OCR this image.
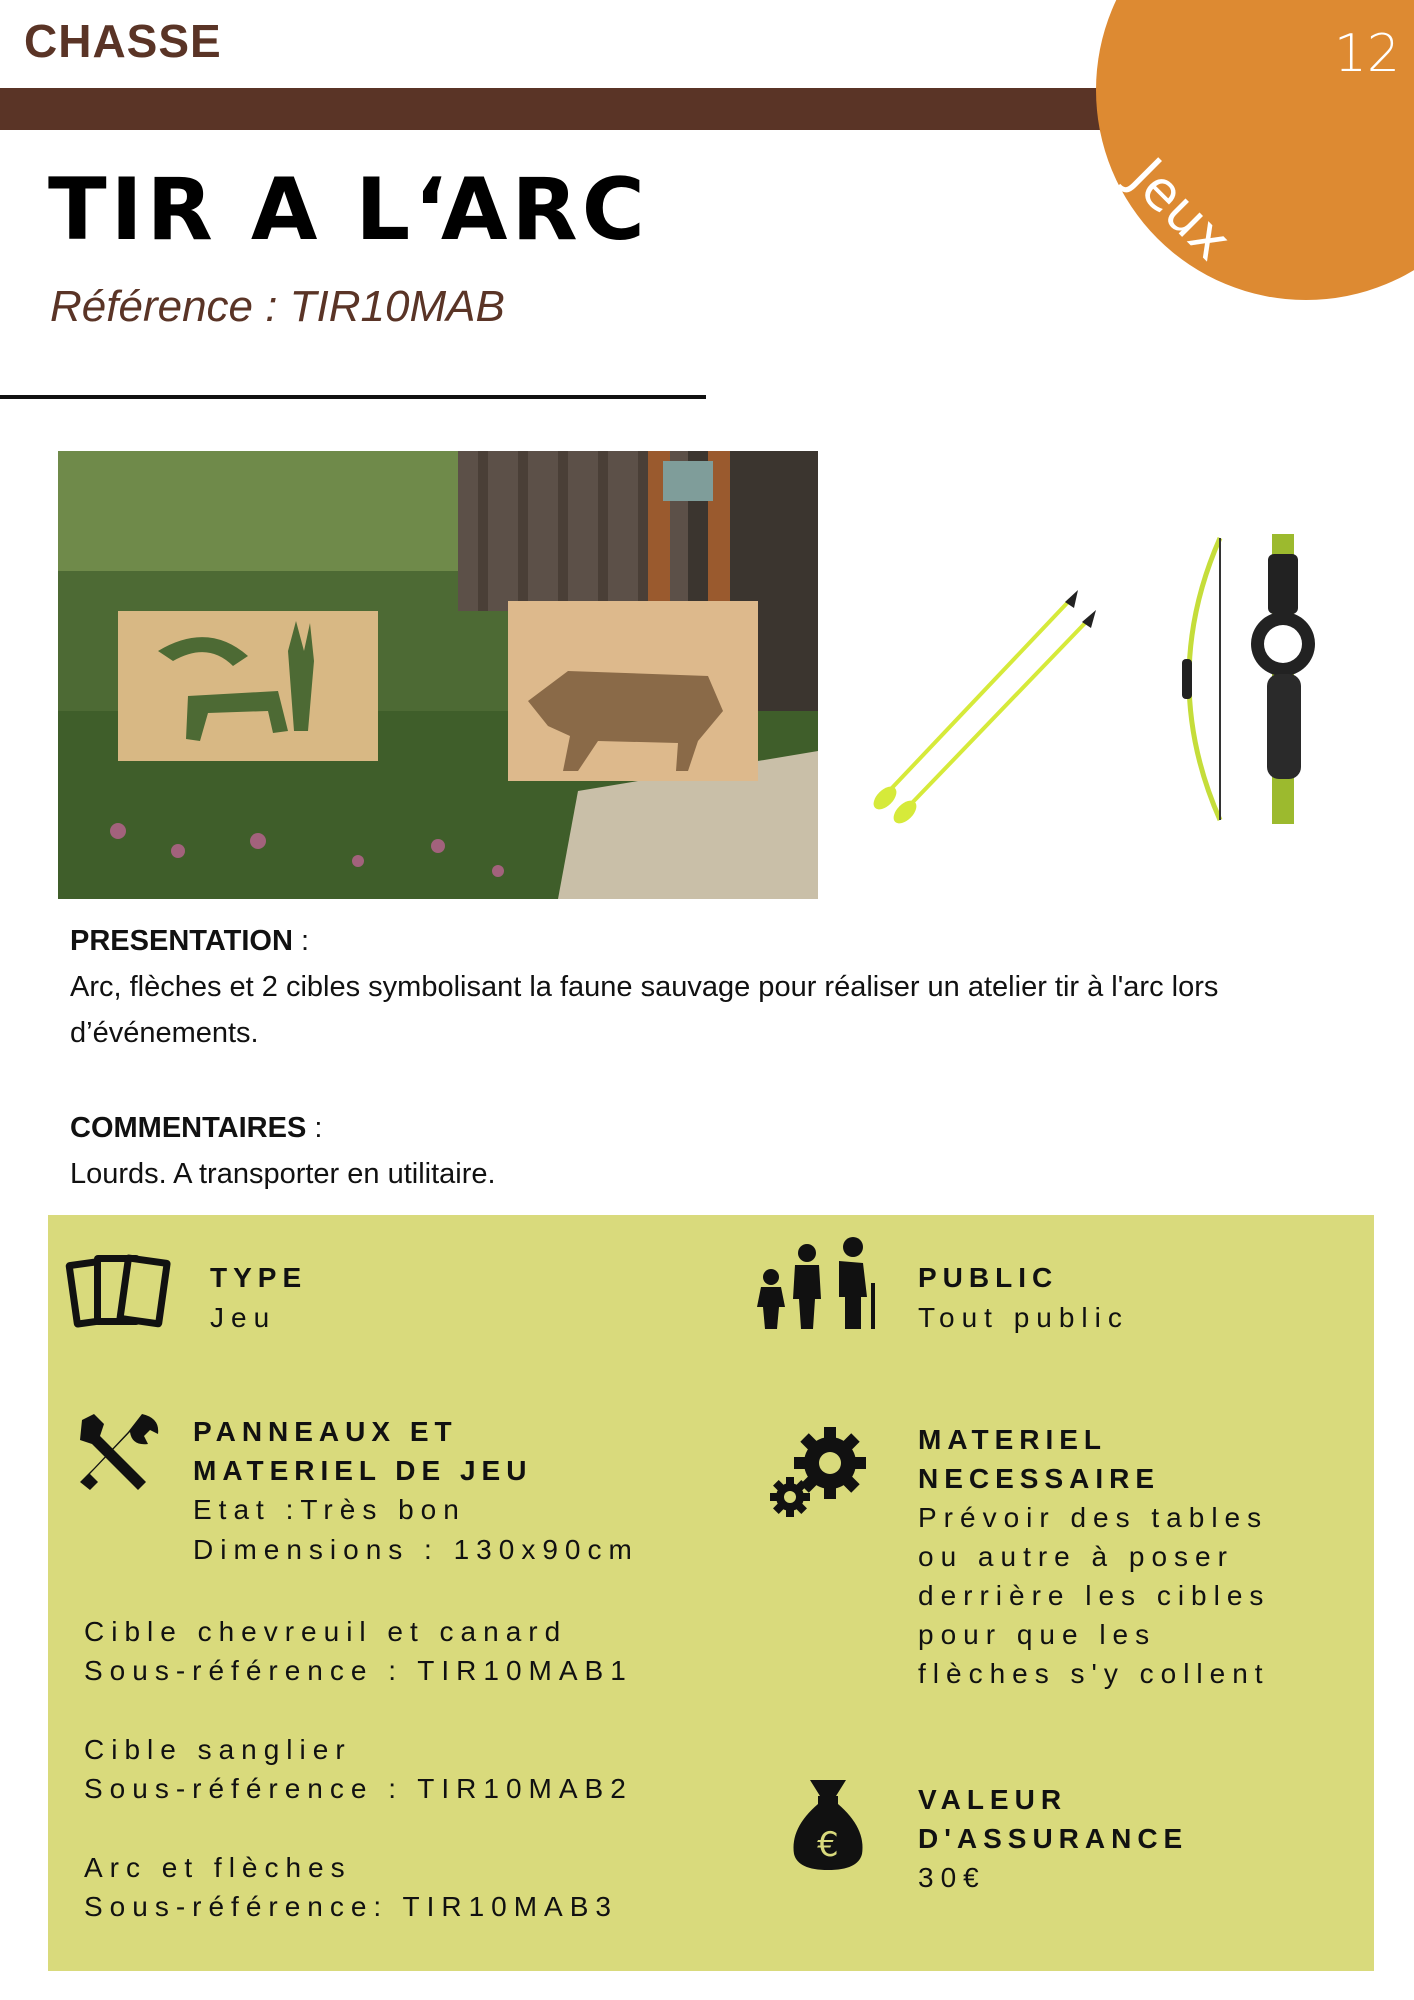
CHASSE	12
Jeux
TIR A L‘ARC
Référence : TIR10MAB
PRESENTATION :
Arc, flèches et 2 cibles symbolisant la faune sauvage pour réaliser un atelier tir à l'arc lors d’événements.
COMMENTAIRES :
Lourds. A transporter en utilitaire.
TYPE
Jeu
PUBLIC
Tout public
PANNEAUX ET
MATERIEL DE JEU
Etat :Très bon
Dimensions : 130x90cm
Cible chevreuil et canard
Sous-référence : TIR10MAB1
Cible sanglier
Sous-référence : TIR10MAB2
Arc et flèches
Sous-référence: TIR10MAB3
MATERIEL
NECESSAIRE
Prévoir des tables
ou autre à poser
derrière les cibles
pour que les
flèches s'y collent
€
VALEUR
D'ASSURANCE
30€
